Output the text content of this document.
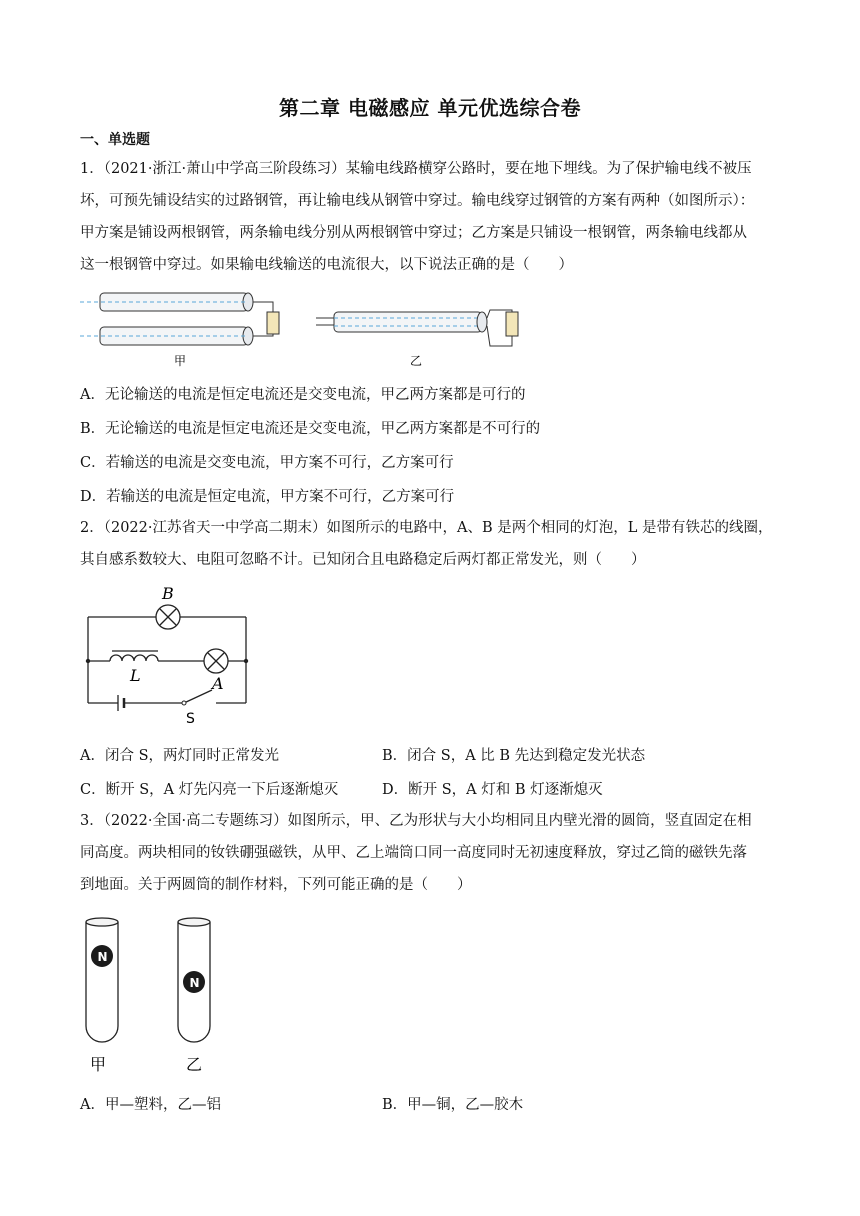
第二章 电磁感应 单元优选综合卷
一、单选题
1．（2021·浙江·萧山中学高三阶段练习）某输电线路横穿公路时，要在地下埋线。为了保护输电线不被压
坏，可预先铺设结实的过路钢管，再让输电线从钢管中穿过。输电线穿过钢管的方案有两种（如图所示）：
甲方案是铺设两根钢管，两条输电线分别从两根钢管中穿过；乙方案是只铺设一根钢管，两条输电线都从
这一根钢管中穿过。如果输电线输送的电流很大，以下说法正确的是（　　）
甲	乙
A．无论输送的电流是恒定电流还是交变电流，甲乙两方案都是可行的
B．无论输送的电流是恒定电流还是交变电流，甲乙两方案都是不可行的
C．若输送的电流是交变电流，甲方案不可行，乙方案可行
D．若输送的电流是恒定电流，甲方案不可行，乙方案可行
2．（2022·江苏省天一中学高二期末）如图所示的电路中，A、B 是两个相同的灯泡，L 是带有铁芯的线圈，
其自感系数较大、电阻可忽略不计。已知闭合且电路稳定后两灯都正常发光，则（　　）
B
L	A
S
A．闭合 S，两灯同时正常发光	B．闭合 S，A 比 B 先达到稳定发光状态
C．断开 S，A 灯先闪亮一下后逐渐熄灭	D．断开 S，A 灯和 B 灯逐渐熄灭
3．（2022·全国·高二专题练习）如图所示，甲、乙为形状与大小均相同且内壁光滑的圆筒，竖直固定在相
同高度。两块相同的钕铁硼强磁铁，从甲、乙上端筒口同一高度同时无初速度释放，穿过乙筒的磁铁先落
到地面。关于两圆筒的制作材料，下列可能正确的是（　　）
N
N
甲	乙
A．甲—塑料，乙—铝	B．甲—铜，乙—胶木
